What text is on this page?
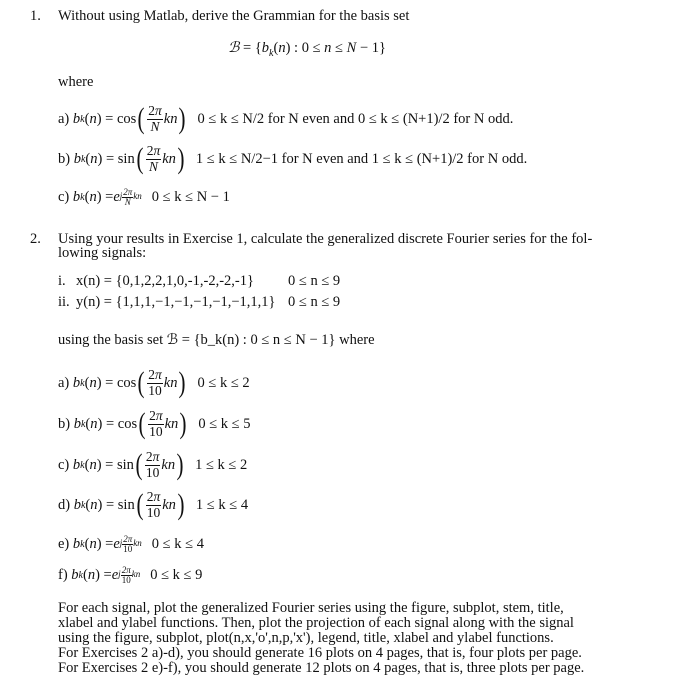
1. Without using Matlab, derive the Grammian for the basis set
ℬ = {$b_k(n)$ : 0 ≤ n ≤ N − 1}
where
a)
b k ( n ) = cos ( $\frac{2\pi}{N}$ kn ) 0 ≤ k ≤ N/2 for N even and 0 ≤ k ≤ (N+1)/2 for N odd.
b)
b k ( n ) = sin ( $\frac{2\pi}{N}$ kn ) 1 ≤ k ≤ N/2−1 for N even and 1 ≤ k ≤ (N+1)/2 for N odd.
c)
b k ( n ) = e j $\frac{2\pi}{N}$ kn 0 ≤ k ≤ N − 1
2. Using your results in Exercise 1, calculate the generalized discrete Fourier series for the fol-
lowing signals:
i. x(n) = {0,1,2,2,1,0,-1,-2,-2,-1} 0 ≤ n ≤ 9
ii. y(n) = {1,1,1,−1,−1,−1,−1,−1,1,1} 0 ≤ n ≤ 9
using the basis set ℬ = {b_k(n) : 0 ≤ n ≤ N − 1} where
a)
b k ( n ) = cos ( $\frac{2\pi}{10}$ kn ) 0 ≤ k ≤ 2
b)
b k ( n ) = cos ( $\frac{2\pi}{10}$ kn ) 0 ≤ k ≤ 5
c)
b k ( n ) = sin ( $\frac{2\pi}{10}$ kn ) 1 ≤ k ≤ 2
d)
b k ( n ) = sin ( $\frac{2\pi}{10}$ kn ) 1 ≤ k ≤ 4
e)
b k ( n ) = e j $\frac{2\pi}{10}$ kn 0 ≤ k ≤ 4
f)
b k ( n ) = e j $\frac{2\pi}{10}$ kn 0 ≤ k ≤ 9
For each signal, plot the generalized Fourier series using the figure, subplot, stem, title,
xlabel and ylabel functions. Then, plot the projection of each signal along with the signal
using the figure, subplot, plot(n,x,'o',n,p,'x'), legend, title, xlabel and ylabel functions.
For Exercises 2 a)-d), you should generate 16 plots on 4 pages, that is, four plots per page.
For Exercises 2 e)-f), you should generate 12 plots on 4 pages, that is, three plots per page.
